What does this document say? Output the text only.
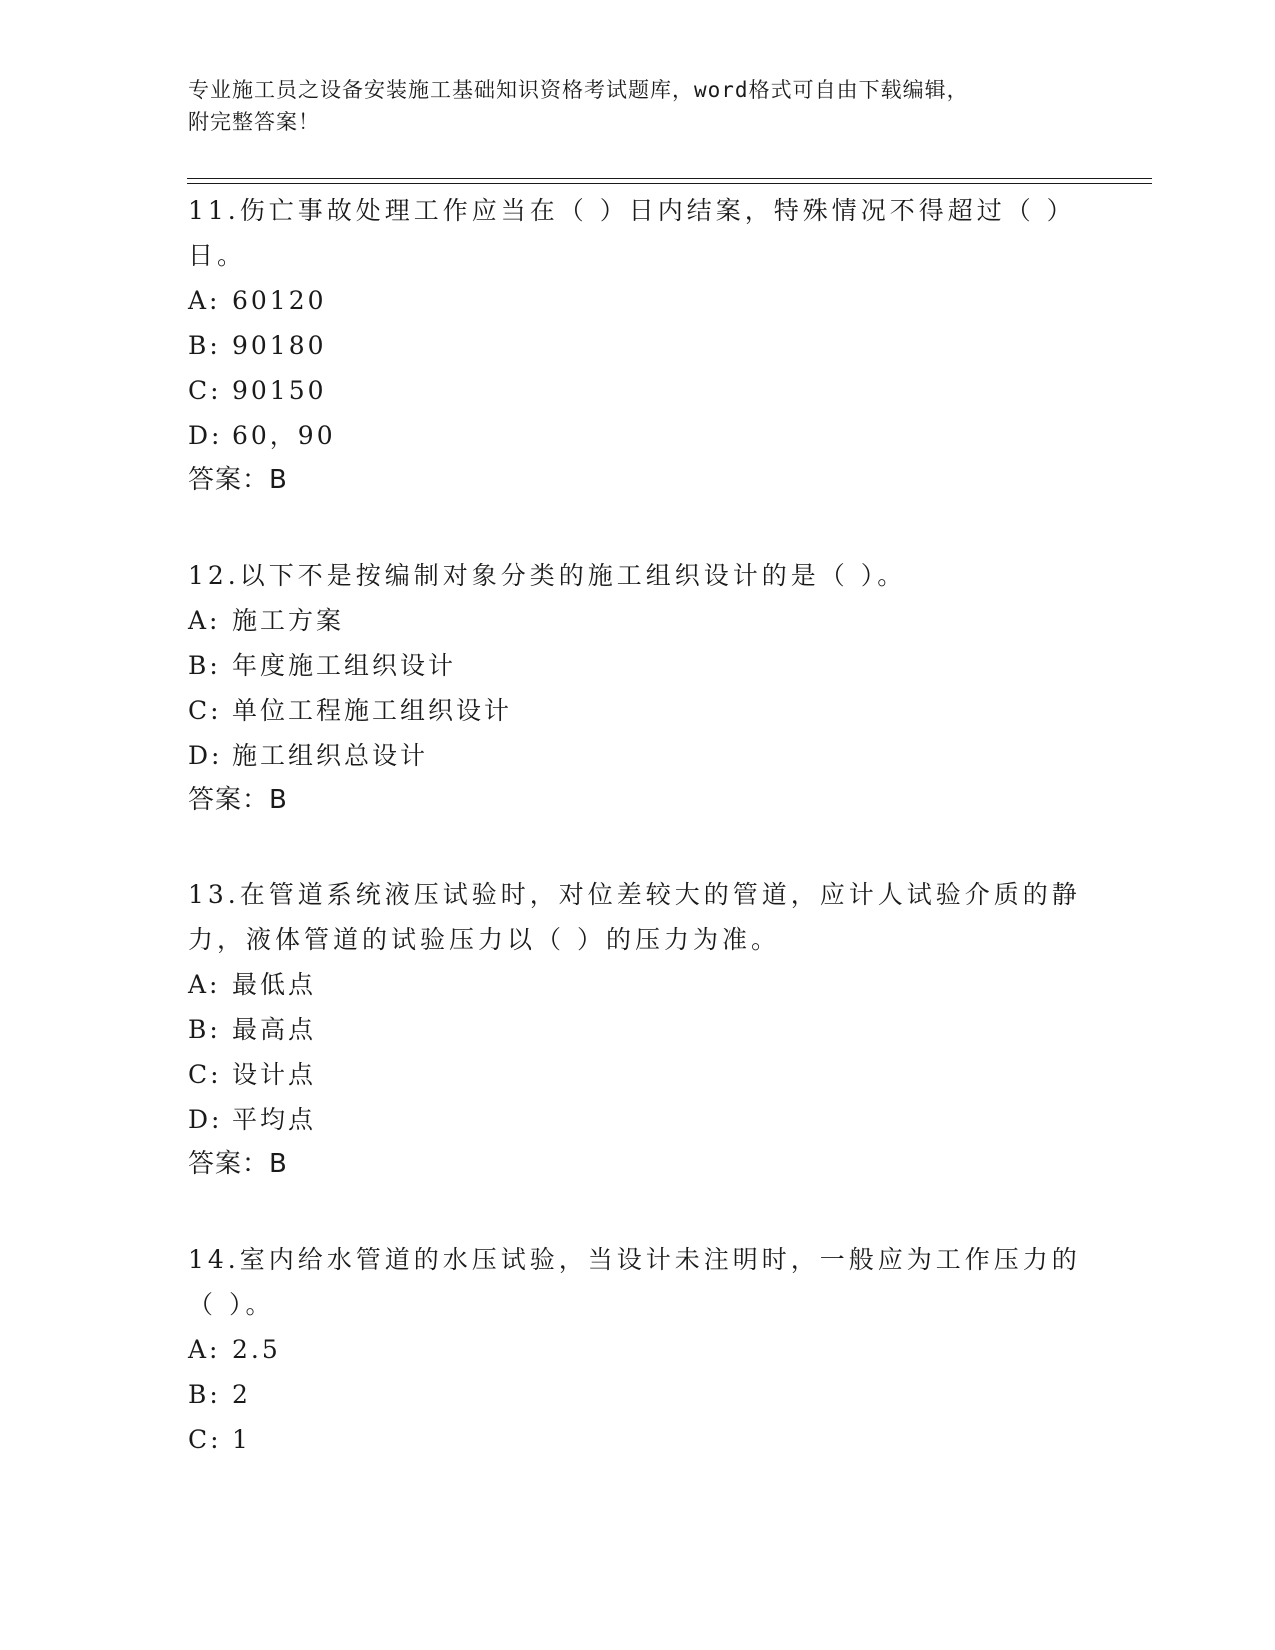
专业施工员之设备安装施工基础知识资格考试题库，word格式可自由下载编辑，
附完整答案！

11.伤亡事故处理工作应当在（ ）日内结案，特殊情况不得超过（ ）日。

A: 60120
B: 90180
C: 90150
D: 60，90

答案：B

12.以下不是按编制对象分类的施工组织设计的是（ ）。

A: 施工方案
B: 年度施工组织设计
C: 单位工程施工组织设计
D: 施工组织总设计

答案：B

13.在管道系统液压试验时，对位差较大的管道，应计人试验介质的静力，液体管道的试验压力以（ ）的压力为准。

A: 最低点
B: 最高点
C: 设计点
D: 平均点

答案：B

14.室内给水管道的水压试验，当设计未注明时，一般应为工作压力的（ ）。

A: 2.5
B: 2
C: 1
